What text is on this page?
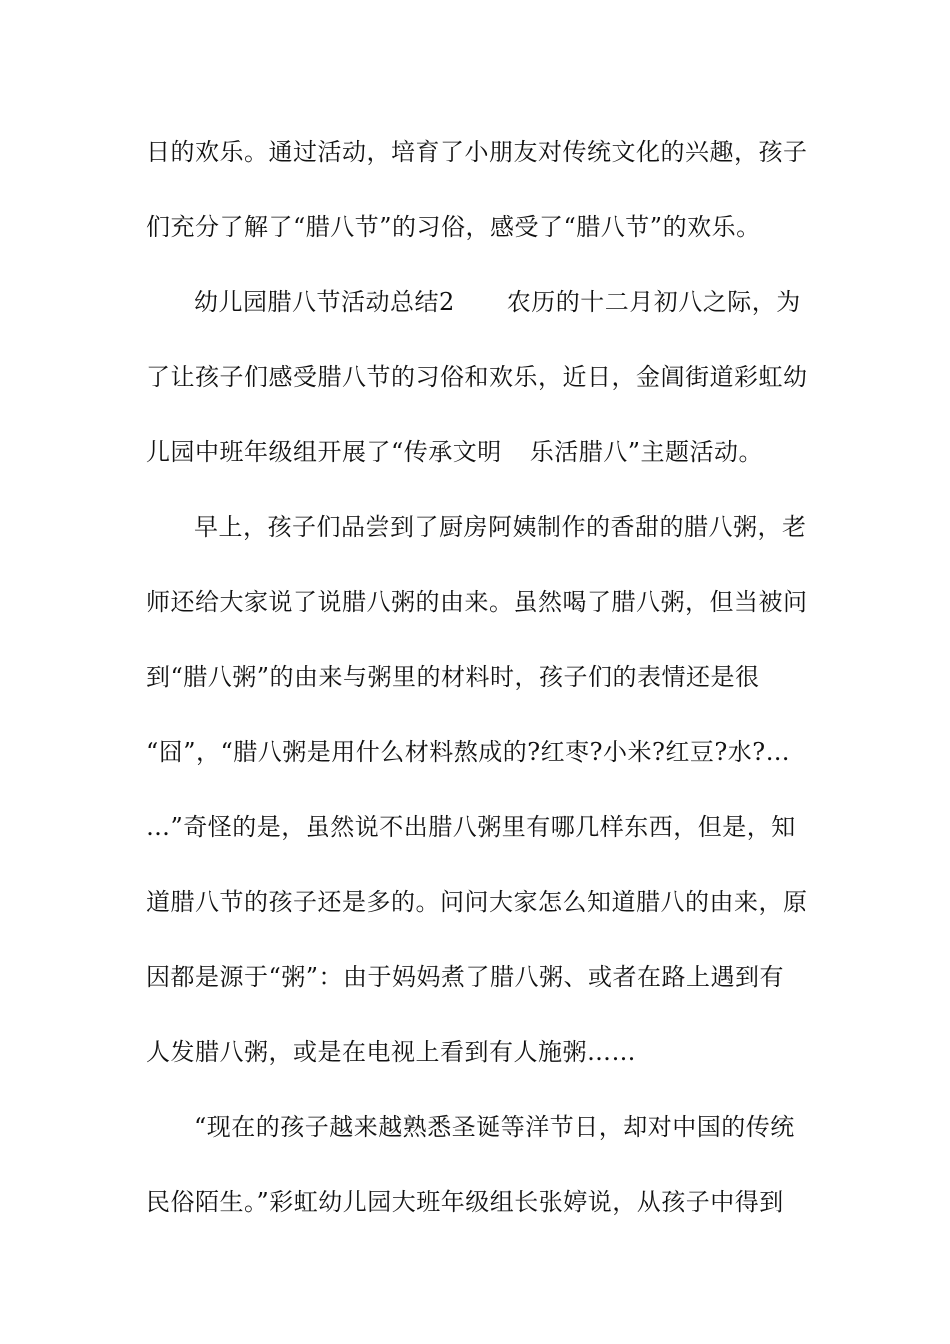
日的欢乐。通过活动，培育了小朋友对传统文化的兴趣，孩子
们充分了解了“腊八节”的习俗，感受了“腊八节”的欢乐。
幼儿园腊八节活动总结2 农历的十二月初八之际，为
了让孩子们感受腊八节的习俗和欢乐，近日，金阊街道彩虹幼
儿园中班年级组开展了“传承文明 乐活腊八”主题活动。
早上，孩子们品尝到了厨房阿姨制作的香甜的腊八粥，老
师还给大家说了说腊八粥的由来。虽然喝了腊八粥，但当被问
到“腊八粥”的由来与粥里的材料时，孩子们的表情还是很
“囧”，“腊八粥是用什么材料熬成的?红枣?小米?红豆?水?…
…”奇怪的是，虽然说不出腊八粥里有哪几样东西，但是，知
道腊八节的孩子还是多的。问问大家怎么知道腊八的由来，原
因都是源于“粥”：由于妈妈煮了腊八粥、或者在路上遇到有
人发腊八粥，或是在电视上看到有人施粥……
“现在的孩子越来越熟悉圣诞等洋节日，却对中国的传统
民俗陌生。”彩虹幼儿园大班年级组长张婷说，从孩子中得到
